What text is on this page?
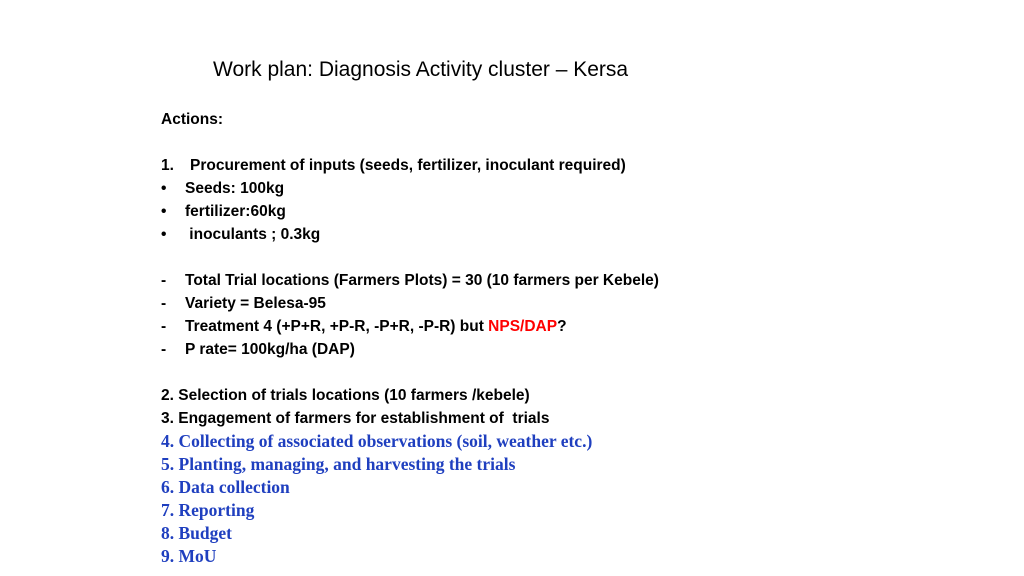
Work plan: Diagnosis Activity cluster – Kersa
Actions:
1. Procurement of inputs (seeds, fertilizer, inoculant required)
• Seeds: 100kg
• fertilizer:60kg
• inoculants ; 0.3kg
- Total Trial locations (Farmers Plots) = 30 (10 farmers per Kebele)
- Variety = Belesa-95
- Treatment 4 (+P+R, +P-R, -P+R, -P-R) but NPS/DAP?
- P rate= 100kg/ha (DAP)
2. Selection of trials locations (10 farmers /kebele)
3. Engagement of farmers for establishment of  trials
4. Collecting of associated observations (soil, weather etc.)
5. Planting, managing, and harvesting the trials
6. Data collection
7. Reporting
8. Budget
9. MoU
